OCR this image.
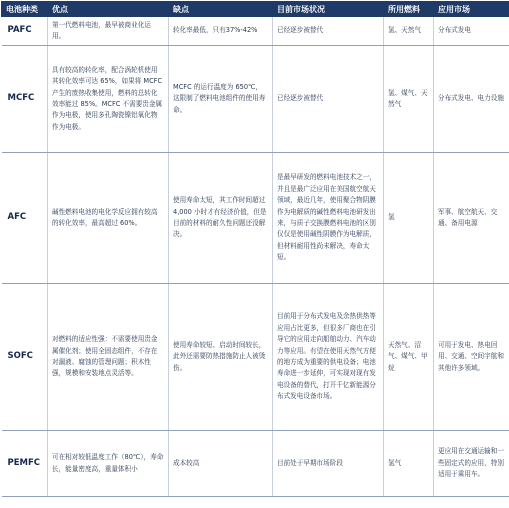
电池种类	优点	缺点	目前市场状况	所用燃料	应用市场
PAFC	第一代燃料电池，最早被商业化运用。	转化率最低，只有37%-42%	已经逐步被替代	氢、天然气	分布式发电
MCFC	具有较高的转化率，配合涡轮机使用其转化效率可达 65%，如果将 MCFC 产生的废热收集使用，燃料的总转化效率能过 85%。MCFC 不需要贵金属作为电极，使用多孔陶瓷镍铝氧化物作为电极。	MCFC 的运行温度为 650℃，这限制了燃料电池组件的使用寿命。	已经逐步被替代	氢、煤气、天然气	分布式发电、电力设施
AFC	碱性燃料电池的电化学反应拥有较高的转化效率，最高超过 60%。	使用寿命太短，其工作时间超过 4,000 小时才有经济价值，但是目前的材料的耐久性问题还没解决。	是最早研发的燃料电池技术之一，并且是最广泛应用在美国航空航天领域，最近几年，使用聚合物阴膜作为电解质的碱性燃料电池研发出来，与质子交换膜燃料电池的区别仅仅是使用碱性阴膜作为电解质，但材料耐用性尚未解决，寿命太短。	氢	军事、航空航天、交通、备用电源
SOFC	对燃料的适应性强：不需要使用贵金属催化剂；使用全固态组件，不存在对漏液、腐蚀的管理问题；积木性强，规模和安装地点灵活等。	使用寿命较短、启动时间较长，此外还需要防热措施防止人被烫伤。	目前用于分布式发电及余热供热等应用占比更多，但很多厂商也在引导它的应用走向船舶动力、汽车动力等应用。有望在使用天然气方便的地方成为重要的供电设备；电池寿命进一步延伸，可实现对现有发电设备的替代，打开千亿新能源分布式发电设备市场。	天然气、沼气、煤气、甲烷	可用于发电、热电回用、交通、空间宇航和其他许多领域。
PEMFC	可在相对较低温度工作（80℃），寿命长，能量密度高，重量体积小	成本较高	目前处于早期市场阶段	氢气	更应用在交通运输和一些固定式的应用，特别适用于乘用车。
